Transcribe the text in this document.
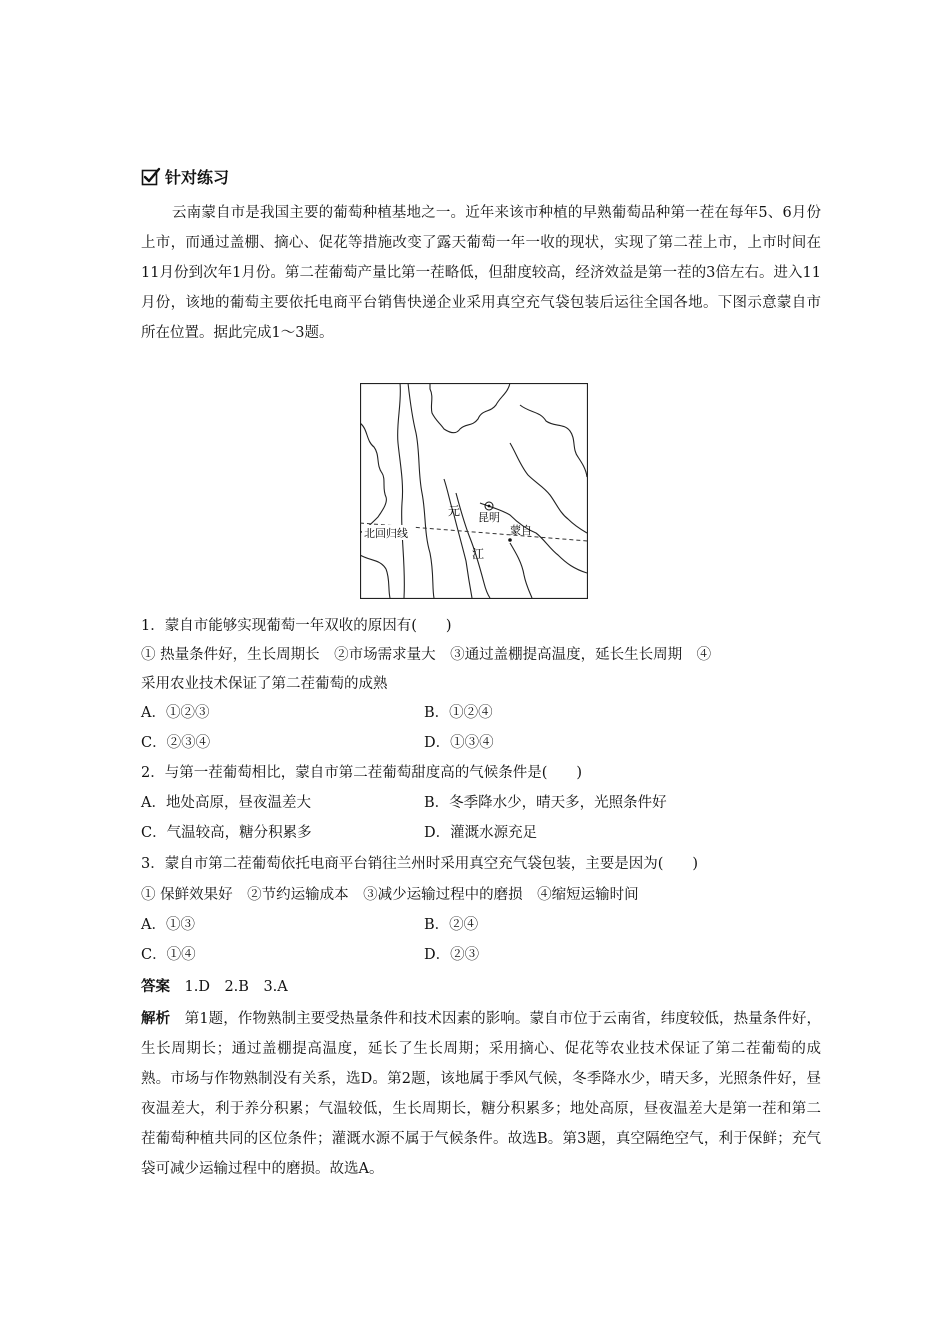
针对练习
云南蒙自市是我国主要的葡萄种植基地之一。近年来该市种植的早熟葡萄品种第一茬在每年5、6月份上市，而通过盖棚、摘心、促花等措施改变了露天葡萄一年一收的现状，实现了第二茬上市，上市时间在11月份到次年1月份。第二茬葡萄产量比第一茬略低，但甜度较高，经济效益是第一茬的3倍左右。进入11月份，该地的葡萄主要依托电商平台销售快递企业采用真空充气袋包装后运往全国各地。下图示意蒙自市所在位置。据此完成1～3题。
元
江
昆明
蒙自
北回归线
1．蒙自市能够实现葡萄一年双收的原因有(　　)
① 热量条件好，生长周期长　②市场需求量大　③通过盖棚提高温度，延长生长周期　④
采用农业技术保证了第二茬葡萄的成熟
A．①②③	B．①②④
C．②③④	D．①③④
2．与第一茬葡萄相比，蒙自市第二茬葡萄甜度高的气候条件是(　　)
A．地处高原，昼夜温差大	B．冬季降水少，晴天多，光照条件好
C．气温较高，糖分积累多	D．灌溉水源充足
3．蒙自市第二茬葡萄依托电商平台销往兰州时采用真空充气袋包装，主要是因为(　　)
① 保鲜效果好　②节约运输成本　③减少运输过程中的磨损　④缩短运输时间
A．①③	B．②④
C．①④	D．②③
答案　 1.D　2.B　3.A
解析　 第1题，作物熟制主要受热量条件和技术因素的影响。蒙自市位于云南省，纬度较低，热量条件好，生长周期长；通过盖棚提高温度，延长了生长周期；采用摘心、促花等农业技术保证了第二茬葡萄的成熟。市场与作物熟制没有关系，选D。第2题，该地属于季风气候，冬季降水少，晴天多，光照条件好，昼夜温差大，利于养分积累；气温较低，生长周期长，糖分积累多；地处高原，昼夜温差大是第一茬和第二茬葡萄种植共同的区位条件；灌溉水源不属于气候条件。故选B。第3题，真空隔绝空气，利于保鲜；充气袋可减少运输过程中的磨损。故选A。
